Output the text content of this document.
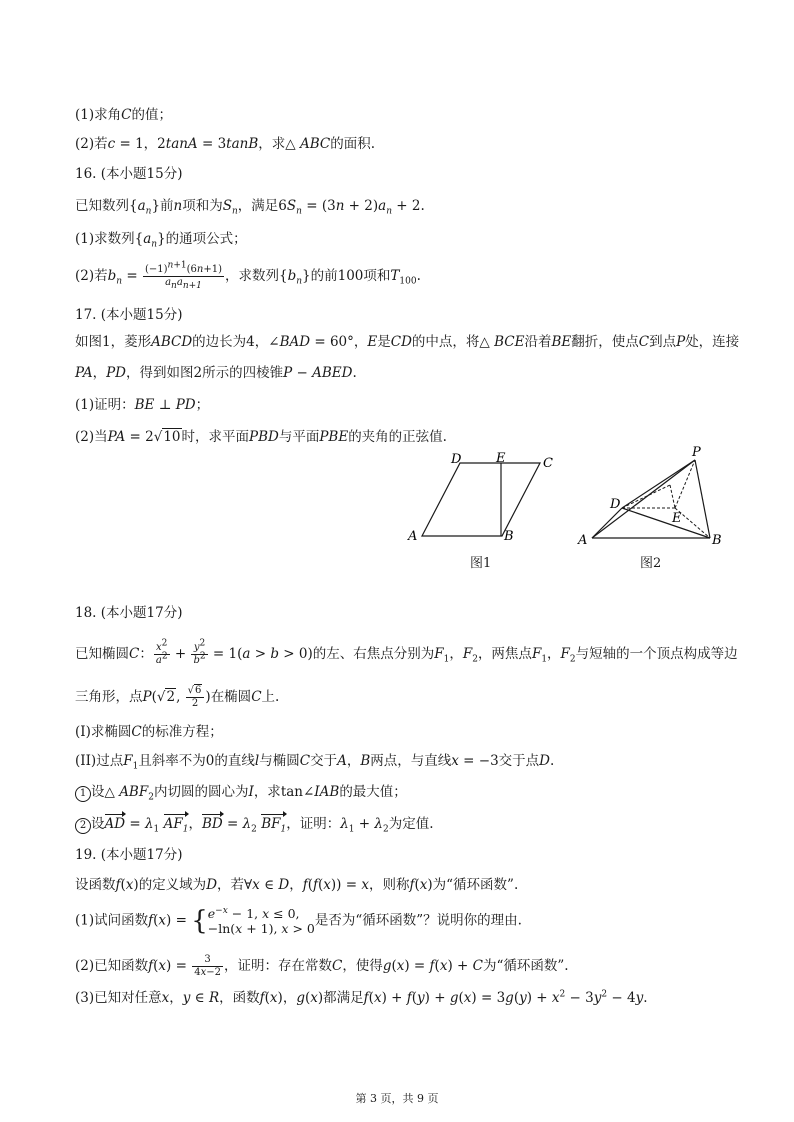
(1)求角C的值；
(2)若c = 1，2tanA = 3tanB，求△ ABC的面积.
16. (本小题15分)
已知数列$\{a_n\}$前n项和为$S_n$，满足$6S_n = (3n + 2)a_n + 2$.
(1)求数列$\{a_n\}$的通项公式；
(2)若$b_n = \frac{(-1)^{n+1}(6n+1)}{a_na_{n+1}}$ ，求数列$\{b_n\}$的前100项和$T_{100}$.
17. (本小题15分)
如图1，菱形ABCD的边长为4，∠BAD = 60°，E是CD的中点，将△ BCE沿着BE翻折，使点C到点P处，连接
PA，PD，得到如图2所示的四棱锥P − ABED.
(1)证明：BE ⊥ PD；
(2)当PA = 2√10时，求平面PBD与平面PBE的夹角的正弦值.
A	B
C
D	E
图1
A	B
D
E
P
图2
18. (本小题17分)
已知椭圆C： $\frac{x^2}{a^2} + \frac{y^2}{b^2} = 1(a > b > 0)$的左、右焦点分别为$F_1$，$F_2$，两焦点$F_1$，$F_2$与短轴的一个顶点构成等边
三角形，点P(√2, $\frac{√6}{2}$ )在椭圆C上.
(I)求椭圆C的标准方程；
(II)过点$F_1$且斜率不为0的直线l与椭圆C交于A，B两点，与直线x = −3交于点D.
1 设△ $ABF_2$内切圆的圆心为I，求tan∠IAB的最大值；
2 设AD = $\lambda_1$ $AF_1$，BD = $\lambda_2$ $BF_1$，证明：$\lambda_1 + \lambda_2$为定值.
19. (本小题17分)
设函数f(x)的定义域为D，若∀x ∈ D，f(f(x)) = x，则称f(x)为“循环函数”.
(1)试问函数f(x) = { $e^{-x} - 1$, x ≤ 0,
−ln(x + 1), x > 0 是否为“循环函数”？说明你的理由.
(2)已知函数$f(x) = \frac{3}{4x-2}$ ，证明：存在常数C，使得g(x) = f(x) + C为“循环函数”.
(3)已知对任意x，y ∈ R，函数f(x)，g(x)都满足$f(x) + f(y) + g(x) = 3g(y) + x^2 - 3y^2 - 4y$.
第 3 页，共 9 页
